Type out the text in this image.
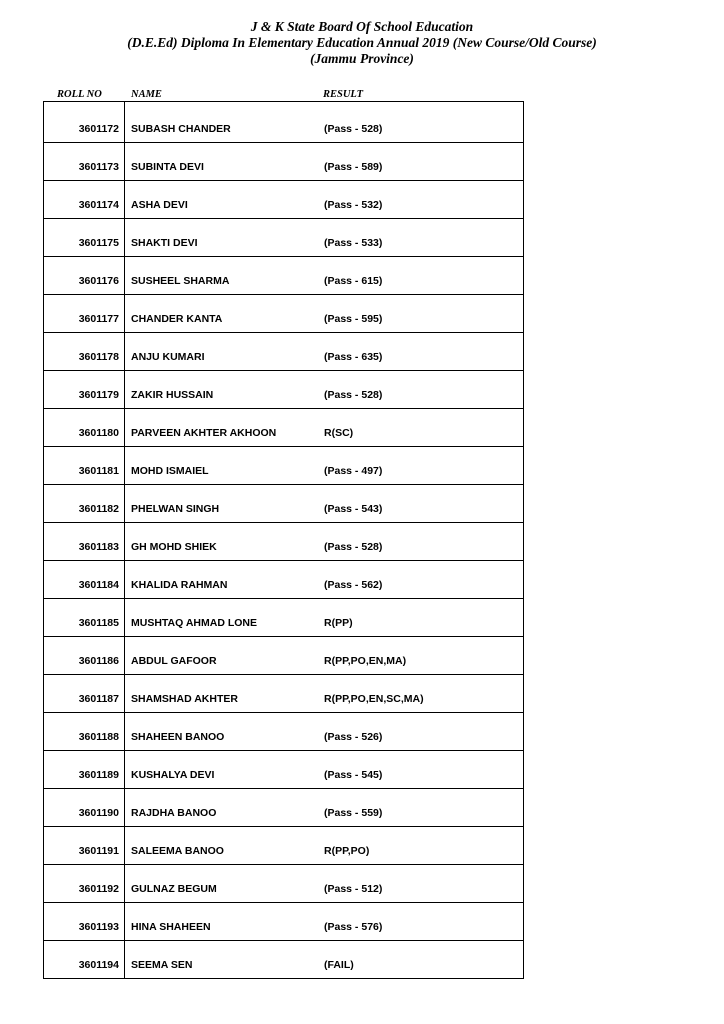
J & K State Board Of School Education
(D.E.Ed) Diploma In Elementary Education Annual 2019 (New Course/Old Course)
(Jammu Province)
ROLL NO	NAME	RESULT
3601172 SUBASH CHANDER	(Pass - 528)
3601173 SUBINTA DEVI	(Pass - 589)
3601174 ASHA DEVI	(Pass - 532)
3601175 SHAKTI DEVI	(Pass - 533)
3601176 SUSHEEL SHARMA	(Pass - 615)
3601177 CHANDER KANTA	(Pass - 595)
3601178 ANJU KUMARI	(Pass - 635)
3601179 ZAKIR HUSSAIN	(Pass - 528)
3601180 PARVEEN AKHTER AKHOON	R(SC)
3601181 MOHD ISMAIEL	(Pass - 497)
3601182 PHELWAN SINGH	(Pass - 543)
3601183 GH MOHD SHIEK	(Pass - 528)
3601184 KHALIDA RAHMAN	(Pass - 562)
3601185 MUSHTAQ AHMAD LONE	R(PP)
3601186 ABDUL GAFOOR	R(PP,PO,EN,MA)
3601187 SHAMSHAD AKHTER	R(PP,PO,EN,SC,MA)
3601188 SHAHEEN BANOO	(Pass - 526)
3601189 KUSHALYA DEVI	(Pass - 545)
3601190 RAJDHA BANOO	(Pass - 559)
3601191 SALEEMA BANOO	R(PP,PO)
3601192 GULNAZ BEGUM	(Pass - 512)
3601193 HINA SHAHEEN	(Pass - 576)
3601194 SEEMA SEN	(FAIL)
